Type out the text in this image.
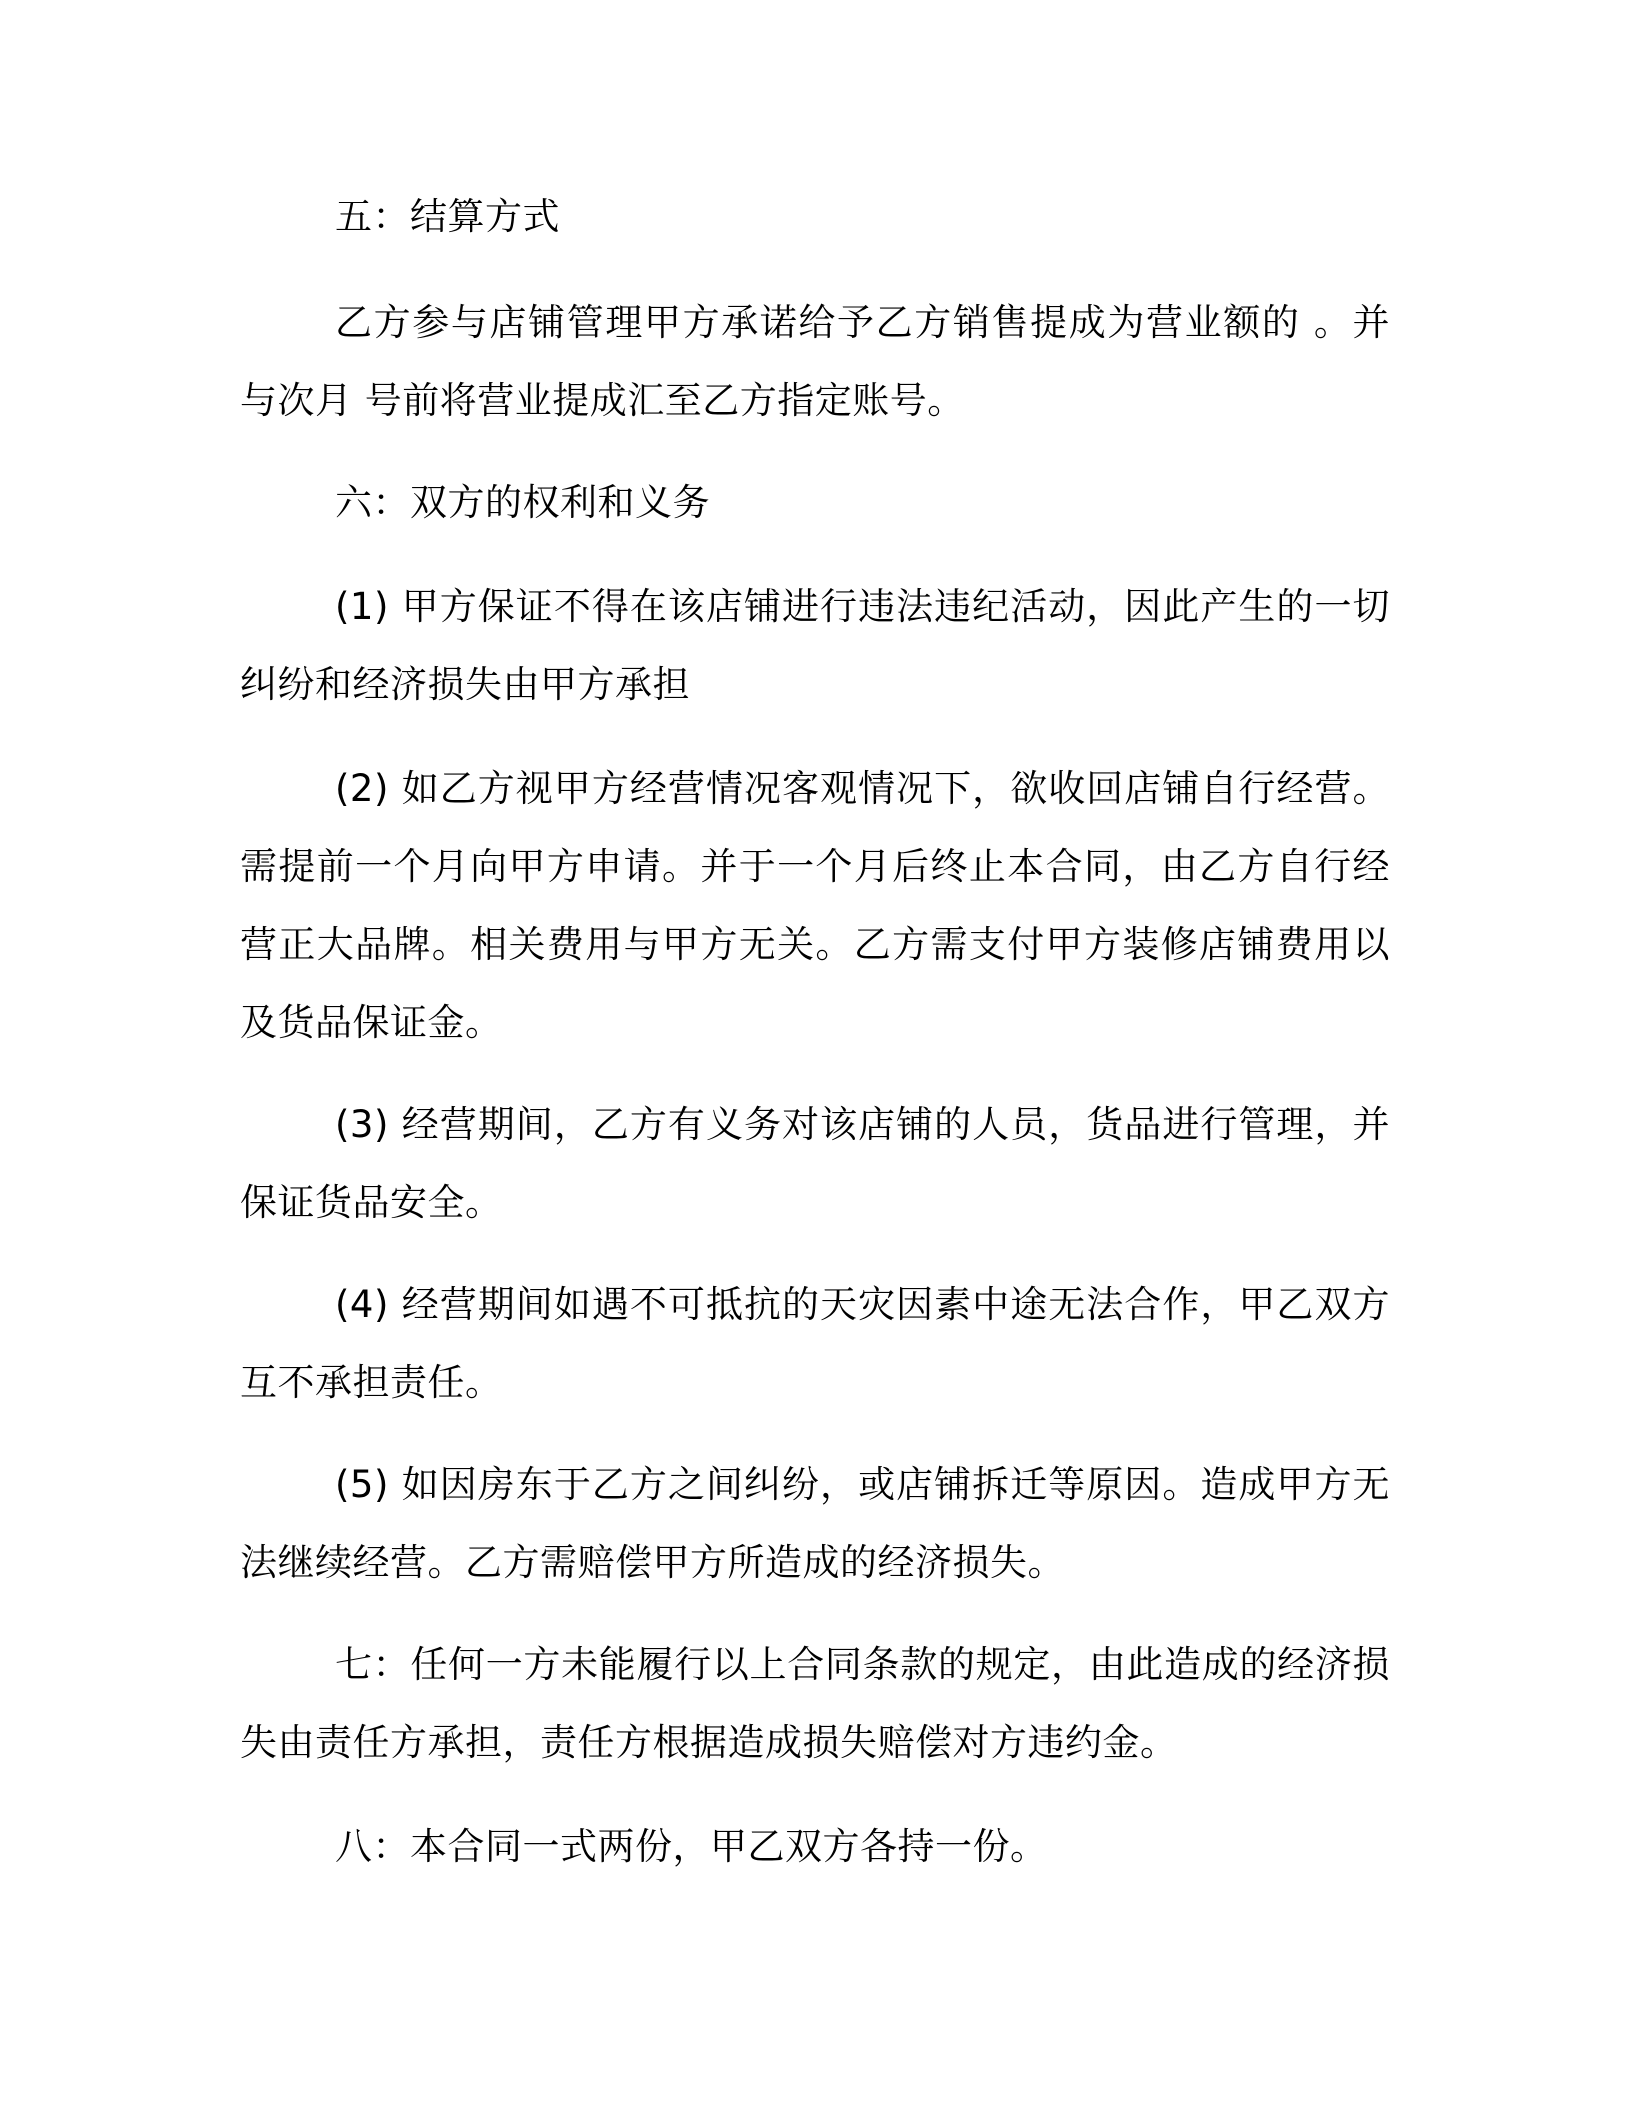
五：结算方式

乙方参与店铺管理甲方承诺给予乙方销售提成为营业额的 。并与次月 号前将营业提成汇至乙方指定账号。

六：双方的权利和义务

(1) 甲方保证不得在该店铺进行违法违纪活动，因此产生的一切纠纷和经济损失由甲方承担

(2) 如乙方视甲方经营情况客观情况下，欲收回店铺自行经营。需提前一个月向甲方申请。并于一个月后终止本合同，由乙方自行经营正大品牌。相关费用与甲方无关。乙方需支付甲方装修店铺费用以及货品保证金。

(3) 经营期间，乙方有义务对该店铺的人员，货品进行管理，并保证货品安全。

(4) 经营期间如遇不可抵抗的天灾因素中途无法合作，甲乙双方互不承担责任。

(5) 如因房东于乙方之间纠纷，或店铺拆迁等原因。造成甲方无法继续经营。乙方需赔偿甲方所造成的经济损失。

七：任何一方未能履行以上合同条款的规定，由此造成的经济损失由责任方承担，责任方根据造成损失赔偿对方违约金。

八：本合同一式两份，甲乙双方各持一份。
